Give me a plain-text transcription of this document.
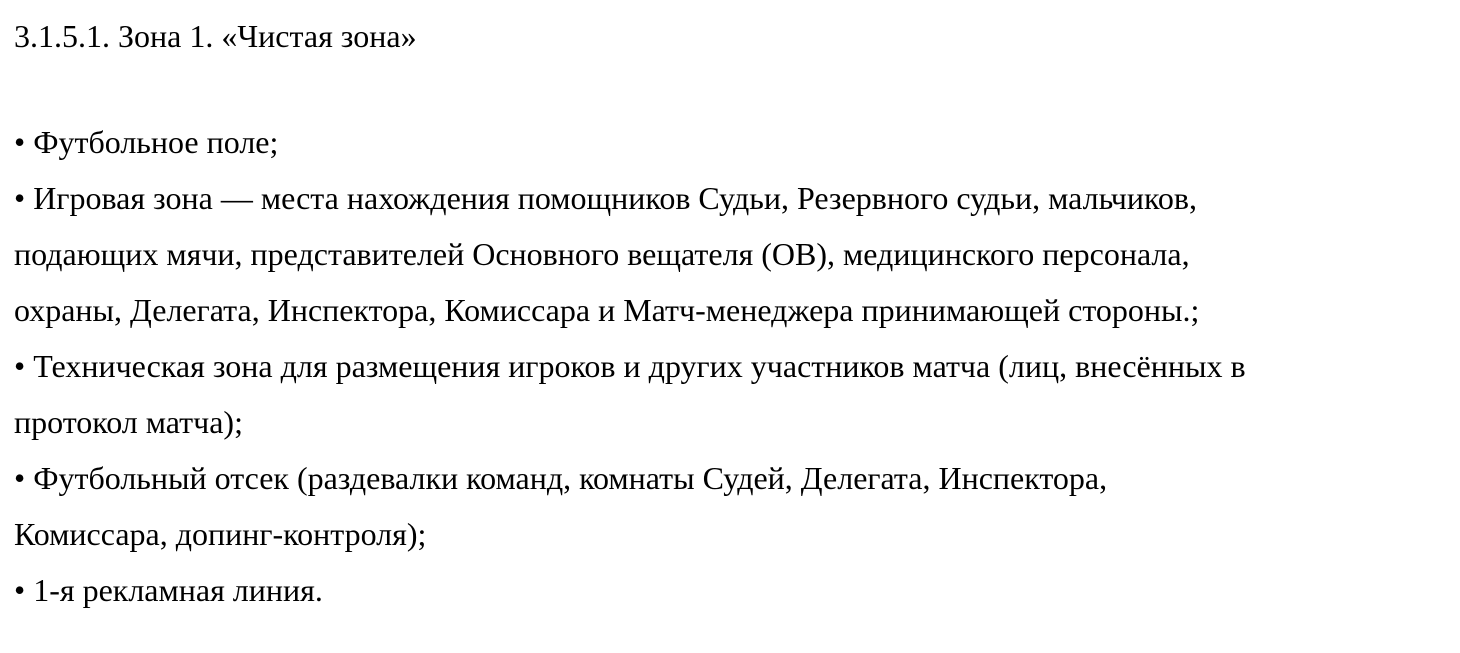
3.1.5.1. Зона 1. «Чистая зона»
• Футбольное поле;
• Игровая зона — места нахождения помощников Судьи, Резервного судьи, мальчиков,
подающих мячи, представителей Основного вещателя (ОВ), медицинского персонала,
охраны, Делегата, Инспектора, Комиссара и Матч-менеджера принимающей стороны.;
• Техническая зона для размещения игроков и других участников матча (лиц, внесённых в
протокол матча);
• Футбольный отсек (раздевалки команд, комнаты Судей, Делегата, Инспектора,
Комиссара, допинг-контроля);
• 1-я рекламная линия.
